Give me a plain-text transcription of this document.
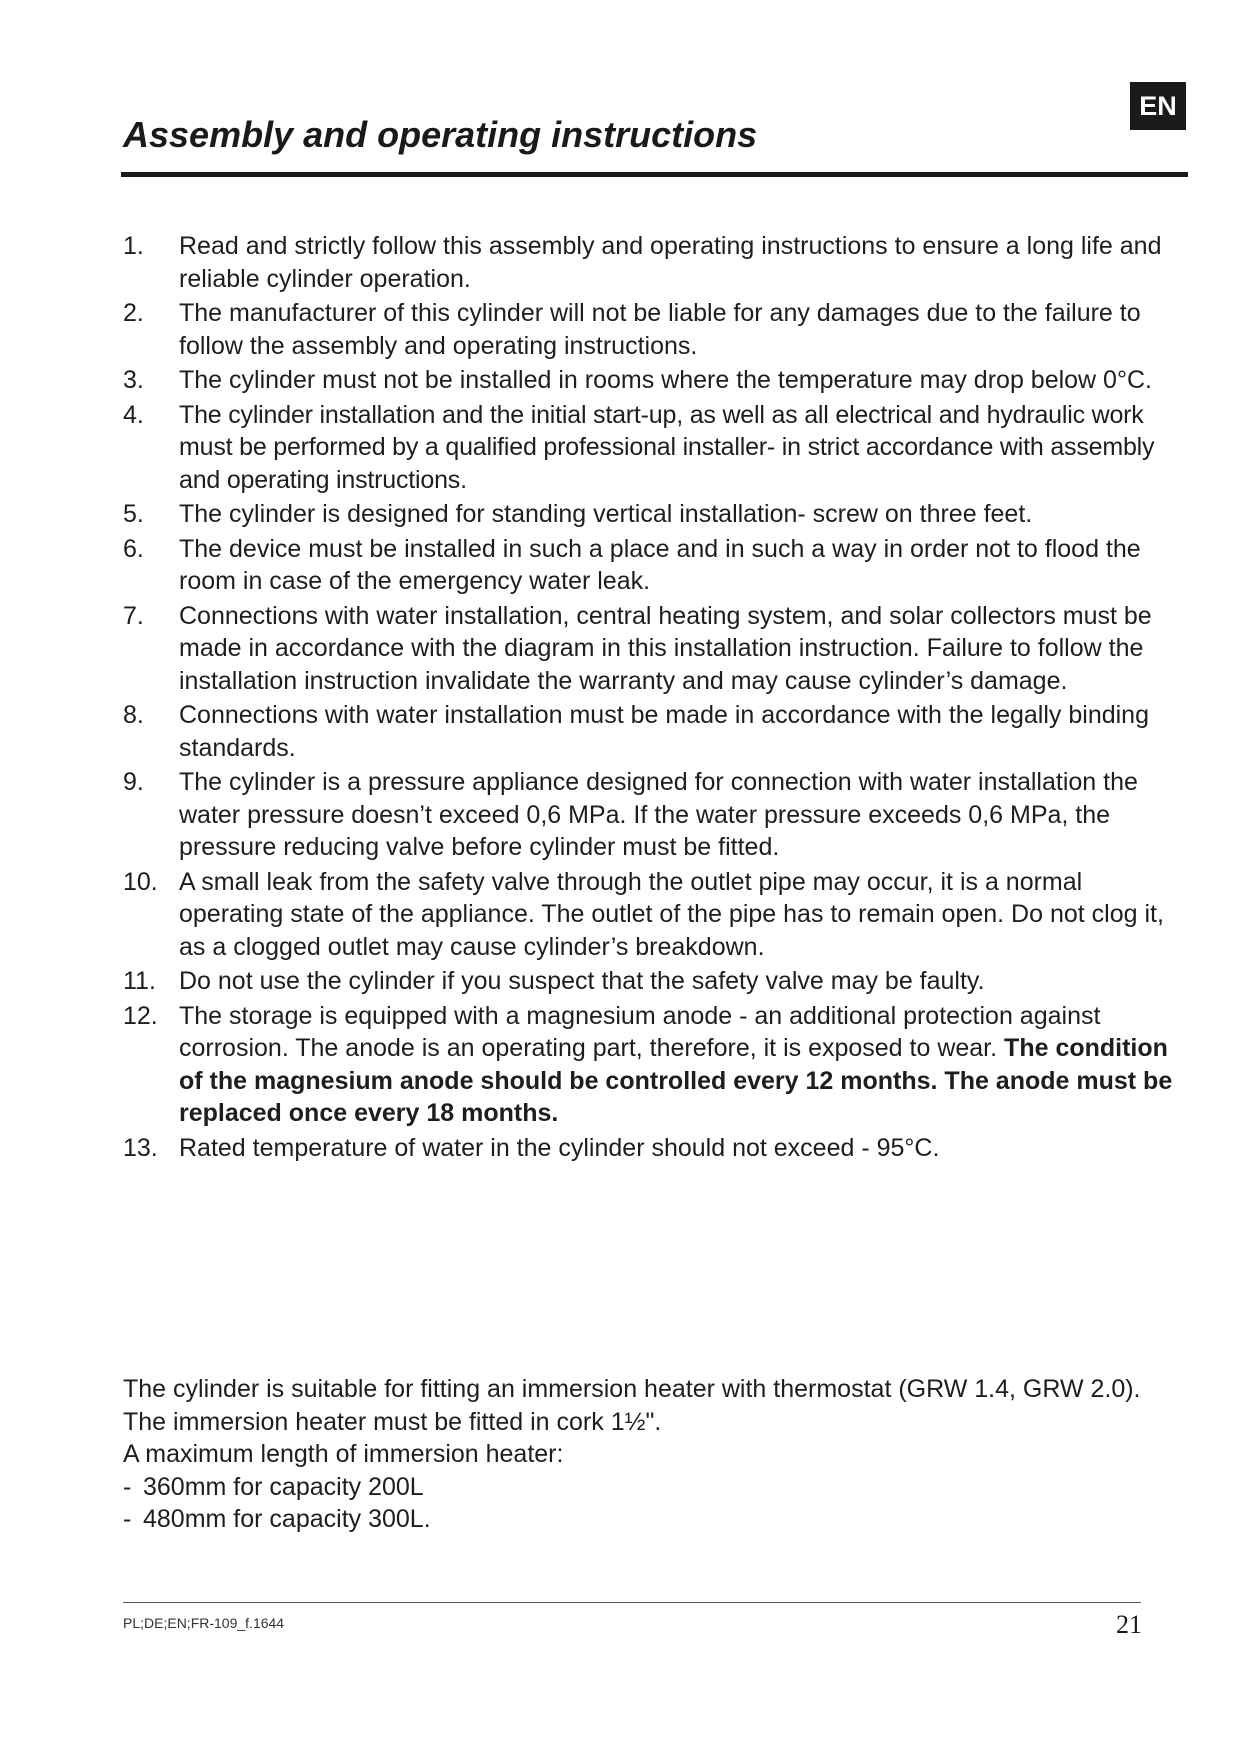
EN
Assembly and operating instructions
1. Read and strictly follow this assembly and operating instructions to ensure a long life and reliable cylinder operation.
2. The manufacturer of this cylinder will not be liable for any damages due to the failure to follow the assembly and operating instructions.
3. The cylinder must not be installed in rooms where the temperature may drop below 0°C.
4. The cylinder installation and the initial start-up, as well as all electrical and hydraulic work must be performed by a qualified professional installer- in strict accordance with assembly and operating instructions.
5. The cylinder is designed for standing vertical installation- screw on three feet.
6. The device must be installed in such a place and in such a way in order not to flood the room in case of the emergency water leak.
7. Connections with water installation, central heating system, and solar collectors must be made in accordance with the diagram in this installation instruction. Failure to follow the installation instruction invalidate the warranty and may cause cylinder’s damage.
8. Connections with water installation must be made in accordance with the legally binding standards.
9. The cylinder is a pressure appliance designed for connection with water installation the water pressure doesn’t exceed 0,6 MPa. If the water pressure exceeds 0,6 MPa, the pressure reducing valve before cylinder must be fitted.
10. A small leak from the safety valve through the outlet pipe may occur, it is a normal operating state of the appliance. The outlet of the pipe has to remain open. Do not clog it, as a clogged outlet may cause cylinder’s breakdown.
11. Do not use the cylinder if you suspect that the safety valve may be faulty.
12. The storage is equipped with a magnesium anode - an additional protection against corrosion. The anode is an operating part, therefore, it is exposed to wear. The condition of the magnesium anode should be controlled every 12 months. The anode must be replaced once every 18 months.
13. Rated temperature of water in the cylinder should not exceed - 95°C.

The cylinder is suitable for fitting an immersion heater with thermostat (GRW 1.4, GRW 2.0). The immersion heater must be fitted in cork 1½".

A maximum length of immersion heater:

- 360mm for capacity 200L

- 480mm for capacity 300L.

PL;DE;EN;FR-109_f.1644	21
